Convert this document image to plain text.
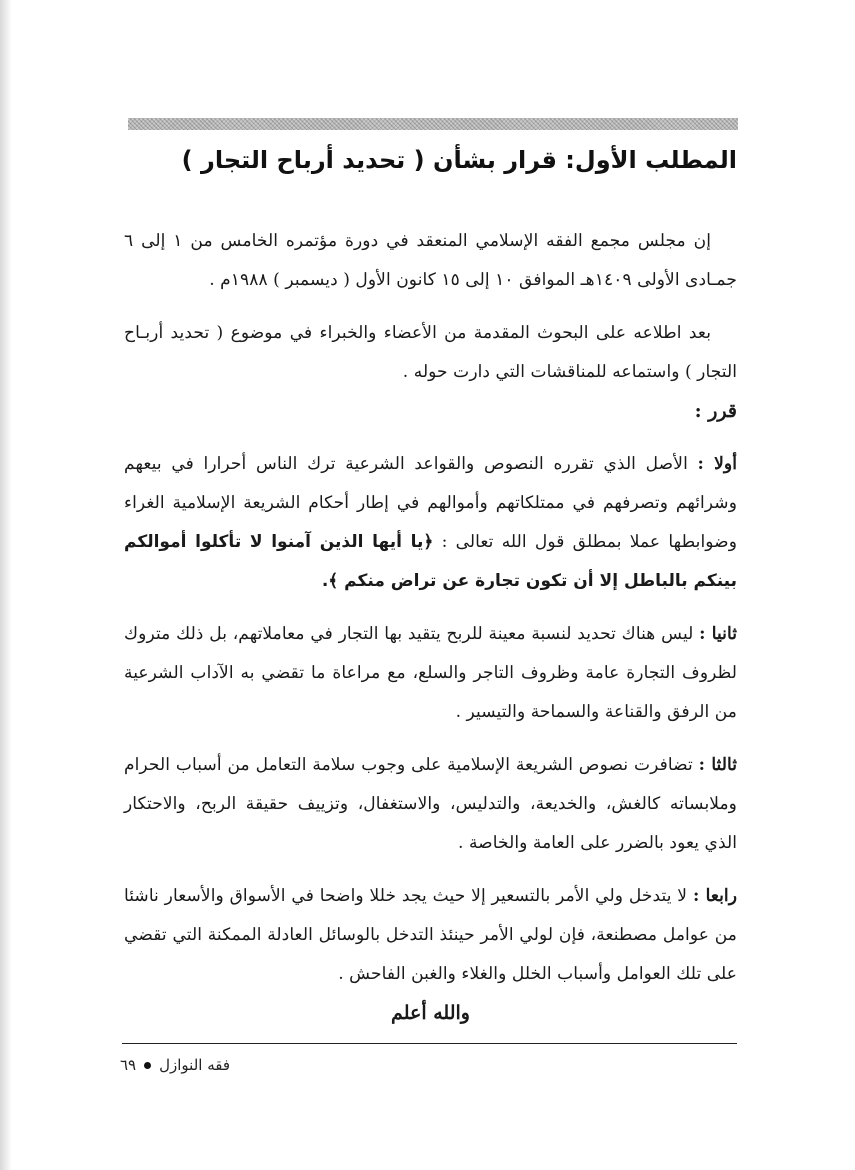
المطلب الأول: قرار بشأن ( تحديد أرباح التجار )

إن مجلس مجمع الفقه الإسلامي المنعقد في دورة مؤتمره الخامس من ١ إلى ٦ جمـادى الأولى ١٤٠٩هـ الموافق ١٠ إلى ١٥ كانون الأول ( ديسمبر ) ١٩٨٨م .

بعد اطلاعه على البحوث المقدمة من الأعضاء والخبراء في موضوع ( تحديد أربـاح التجار ) واستماعه للمناقشات التي دارت حوله .

قرر :

أولا : الأصل الذي تقرره النصوص والقواعد الشرعية ترك الناس أحرارا في بيعهم وشرائهم وتصرفهم في ممتلكاتهم وأموالهم في إطار أحكام الشريعة الإسلامية الغراء وضوابطها عملا بمطلق قول الله تعالى : ﴿يا أيها الذين آمنوا لا تأكلوا أموالكم بينكم بالباطل إلا أن تكون تجارة عن تراض منكم ﴾.

ثانيا : ليس هناك تحديد لنسبة معينة للربح يتقيد بها التجار في معاملاتهم، بل ذلك متروك لظروف التجارة عامة وظروف التاجر والسلع، مع مراعاة ما تقضي به الآداب الشرعية من الرفق والقناعة والسماحة والتيسير .

ثالثا : تضافرت نصوص الشريعة الإسلامية على وجوب سلامة التعامل من أسباب الحرام وملابساته كالغش، والخديعة، والتدليس، والاستغفال، وتزييف حقيقة الربح، والاحتكار الذي يعود بالضرر على العامة والخاصة .

رابعا : لا يتدخل ولي الأمر بالتسعير إلا حيث يجد خللا واضحا في الأسواق والأسعار ناشئا من عوامل مصطنعة، فإن لولي الأمر حينئذ التدخل بالوسائل العادلة الممكنة التي تقضي على تلك العوامل وأسباب الخلل والغلاء والغبن الفاحش .

والله أعلم

فقه النوازل
٦٩
